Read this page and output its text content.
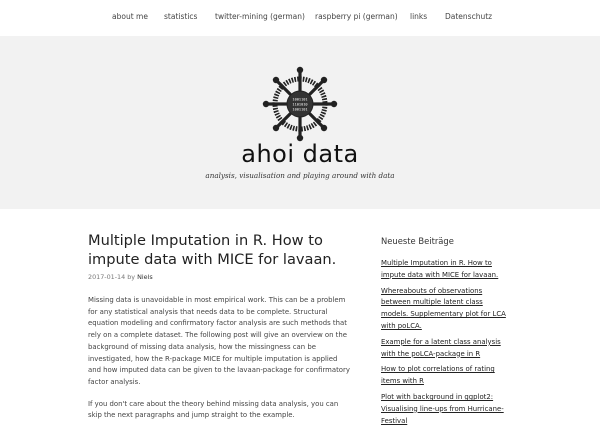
about me statistics twitter-mining (german) raspberry pi (german) links Datenschutz
1001101
1101010
1001101
ahoi data
analysis, visualisation and playing around with data
Multiple Imputation in R. How to impute data with MICE for lavaan.
2017-01-14 by Niels

Missing data is unavoidable in most empirical work. This can be a problem for any statistical analysis that needs data to be complete. Structural equation modeling and confirmatory factor analysis are such methods that rely on a complete dataset. The following post will give an overview on the background of missing data analysis, how the missingness can be investigated, how the R-package MICE for multiple imputation is applied and how imputed data can be given to the lavaan-package for confirmatory factor analysis.

If you don't care about the theory behind missing data analysis, you can skip the next paragraphs and jump straight to the example.

Neueste Beiträge
Multiple Imputation in R. How to impute data with MICE for lavaan.
Whereabouts of observations between multiple latent class models. Supplementary plot for LCA with poLCA.
Example for a latent class analysis with the poLCA-package in R
How to plot correlations of rating items with R
Plot with background in ggplot2: Visualising line-ups from Hurricane-Festival
